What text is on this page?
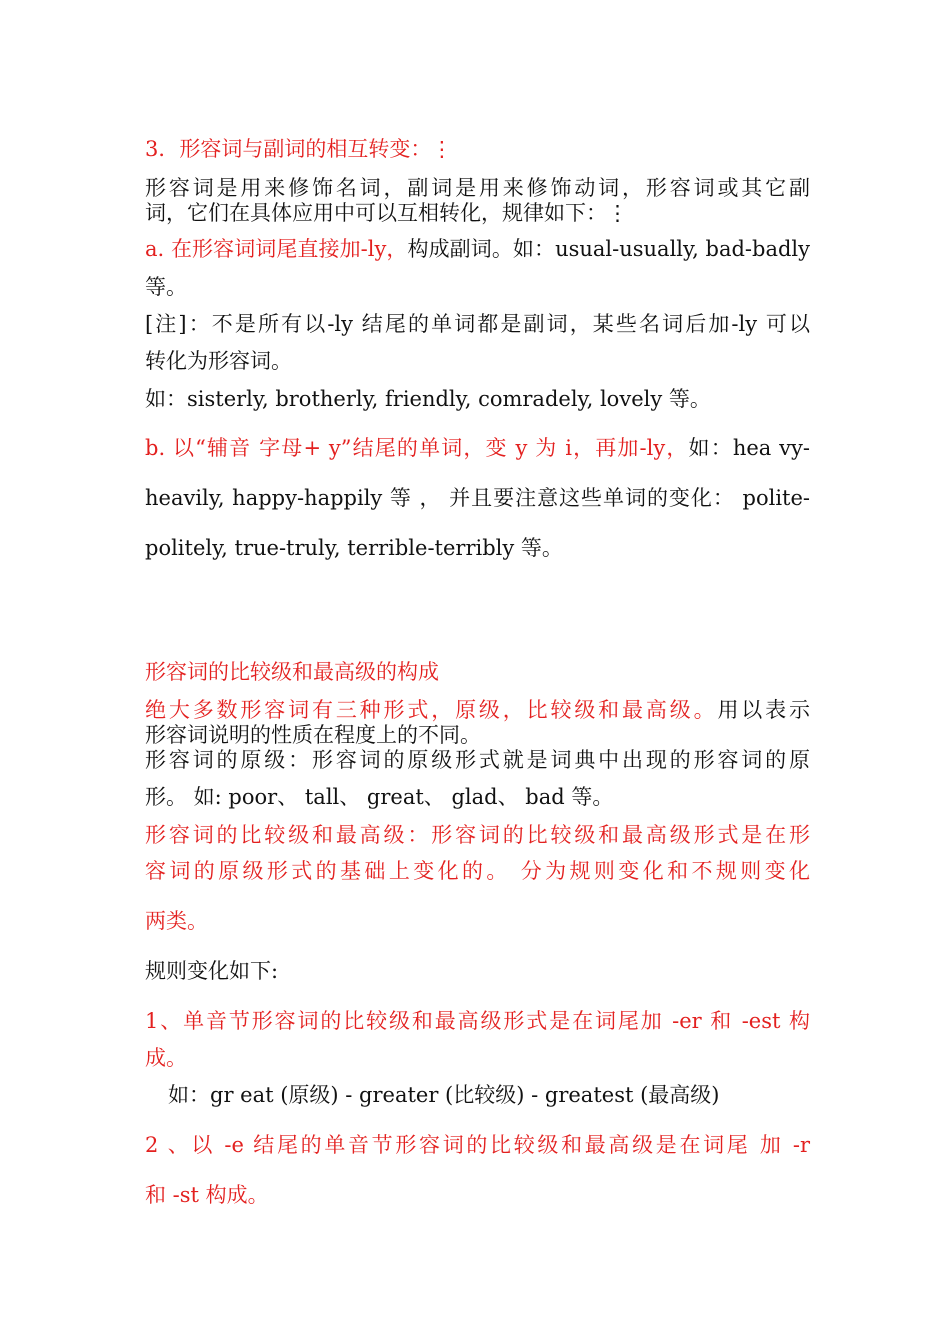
3．形容词与副词的相互转变：⋮

形容词是用来修饰名词，副词是用来修饰动词，形容词或其它副

词，它们在具体应用中可以互相转化，规律如下：⋮

a. 在形容词词尾直接加-ly，构成副词。如：usual-usually, bad-badly

等。

[注]：不是所有以-ly 结尾的单词都是副词，某些名词后加-ly 可以

转化为形容词。

如：sisterly, brotherly, friendly, comradely, lovely 等。

b. 以“辅音 字母+ y”结尾的单词，变 y 为 i，再加-ly，如：hea vy-

heavily, happy-happily 等 ， 并且要注意这些单词的变化： polite-

politely, true-truly, terrible-terribly 等。

形容词的比较级和最高级的构成

绝大多数形容词有三种形式，原级，比较级和最高级。用以表示

形容词说明的性质在程度上的不同。

形容词的原级：形容词的原级形式就是词典中出现的形容词的原

形。 如: poor、 tall、 great、 glad、 bad 等。

形容词的比较级和最高级：形容词的比较级和最高级形式是在形

容词的原级形式的基础上变化的。 分为规则变化和不规则变化

两类。

规则变化如下:

1、单音节形容词的比较级和最高级形式是在词尾加 -er 和 -est 构

成。

如：gr eat (原级) - greater (比较级) - greatest (最高级)

2 、以 -e 结尾的单音节形容词的比较级和最高级是在词尾 加 -r

和 -st 构成。
